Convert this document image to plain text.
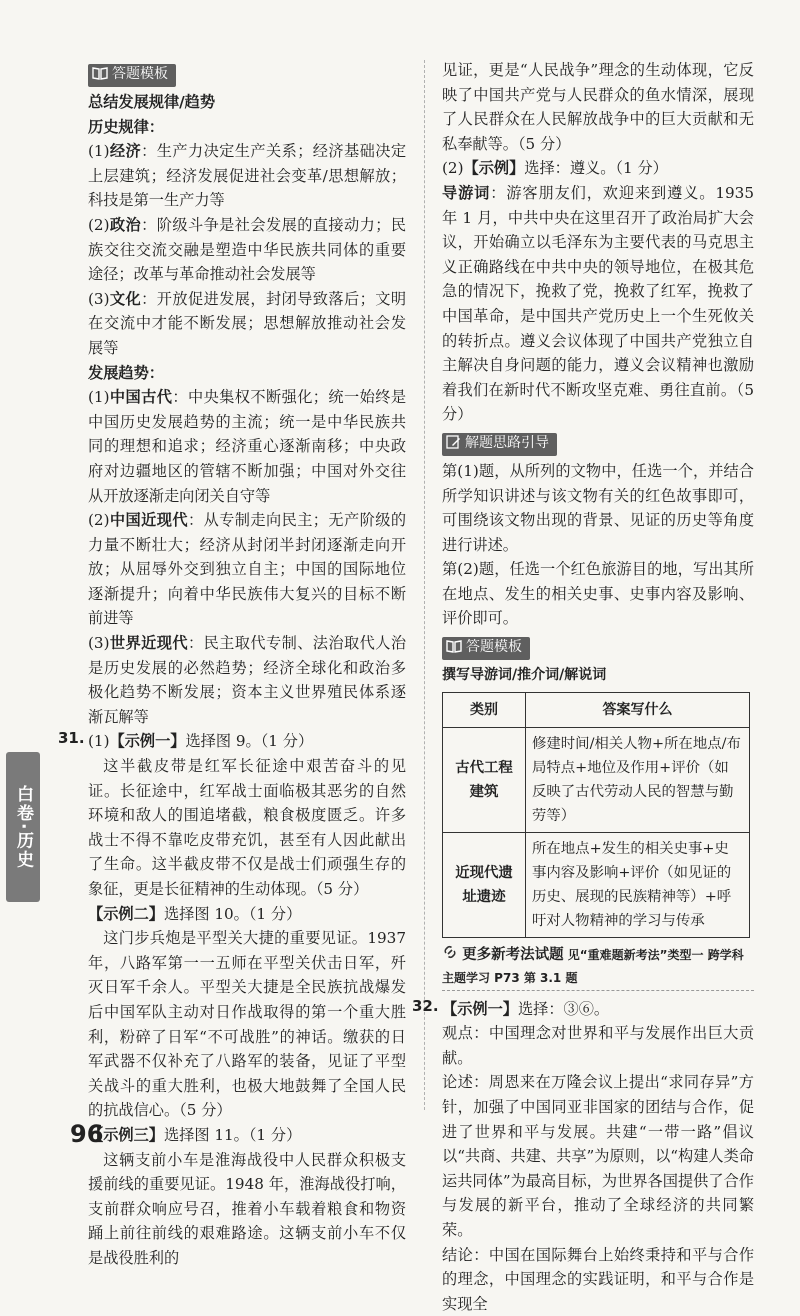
答题模板

总结发展规律/趋势

历史规律：

(1)经济：生产力决定生产关系；经济基础决定上层建筑；经济发展促进社会变革/思想解放；科技是第一生产力等

(2)政治：阶级斗争是社会发展的直接动力；民族交往交流交融是塑造中华民族共同体的重要途径；改革与革命推动社会发展等

(3)文化：开放促进发展，封闭导致落后；文明在交流中才能不断发展；思想解放推动社会发展等

发展趋势：

(1)中国古代：中央集权不断强化；统一始终是中国历史发展趋势的主流；统一是中华民族共同的理想和追求；经济重心逐渐南移；中央政府对边疆地区的管辖不断加强；中国对外交往从开放逐渐走向闭关自守等

(2)中国近现代：从专制走向民主；无产阶级的力量不断壮大；经济从封闭半封闭逐渐走向开放；从屈辱外交到独立自主；中国的国际地位逐渐提升；向着中华民族伟大复兴的目标不断前进等

(3)世界近现代：民主取代专制、法治取代人治是历史发展的必然趋势；经济全球化和政治多极化趋势不断发展；资本主义世界殖民体系逐渐瓦解等

31. (1)【示例一】选择图 9。（1 分）

这半截皮带是红军长征途中艰苦奋斗的见证。长征途中，红军战士面临极其恶劣的自然环境和敌人的围追堵截，粮食极度匮乏。许多战士不得不靠吃皮带充饥，甚至有人因此献出了生命。这半截皮带不仅是战士们顽强生存的象征，更是长征精神的生动体现。（5 分）

【示例二】选择图 10。（1 分）

这门步兵炮是平型关大捷的重要见证。1937 年，八路军第一一五师在平型关伏击日军，歼灭日军千余人。平型关大捷是全民族抗战爆发后中国军队主动对日作战取得的第一个重大胜利，粉碎了日军“不可战胜”的神话。缴获的日军武器不仅补充了八路军的装备，见证了平型关战斗的重大胜利，也极大地鼓舞了全国人民的抗战信心。（5 分）

【示例三】选择图 11。（1 分）

这辆支前小车是淮海战役中人民群众积极支援前线的重要见证。1948 年，淮海战役打响，支前群众响应号召，推着小车载着粮食和物资踊上前往前线的艰难路途。这辆支前小车不仅是战役胜利的

见证，更是“人民战争”理念的生动体现，它反映了中国共产党与人民群众的鱼水情深，展现了人民群众在人民解放战争中的巨大贡献和无私奉献等。（5 分）

(2)【示例】选择：遵义。（1 分）

导游词：游客朋友们，欢迎来到遵义。1935 年 1 月，中共中央在这里召开了政治局扩大会议，开始确立以毛泽东为主要代表的马克思主义正确路线在中共中央的领导地位，在极其危急的情况下，挽救了党，挽救了红军，挽救了中国革命，是中国共产党历史上一个生死攸关的转折点。遵义会议体现了中国共产党独立自主解决自身问题的能力，遵义会议精神也激励着我们在新时代不断攻坚克难、勇往直前。（5 分）

解题思路引导

第(1)题，从所列的文物中，任选一个，并结合所学知识讲述与该文物有关的红色故事即可，可围绕该文物出现的背景、见证的历史等角度进行讲述。

第(2)题，任选一个红色旅游目的地，写出其所在地点、发生的相关史事、史事内容及影响、评价即可。

答题模板

撰写导游词/推介词/解说词

类别	答案写什么
古代工程建筑	修建时间/相关人物+所在地点/布局特点+地位及作用+评价（如反映了古代劳动人民的智慧与勤劳等）
近现代遗址遗迹	所在地点+发生的相关史事+史事内容及影响+评价（如见证的历史、展现的民族精神等）+呼吁对人物精神的学习与传承
更多新考法试题 见“重难题新考法”类型一 跨学科主题学习 P73 第 3.1 题
32. 【示例一】选择：③⑥。

观点：中国理念对世界和平与发展作出巨大贡献。

论述：周恩来在万隆会议上提出“求同存异”方针，加强了中国同亚非国家的团结与合作，促进了世界和平与发展。共建“一带一路”倡议以“共商、共建、共享”为原则，以“构建人类命运共同体”为最高目标，为世界各国提供了合作与发展的新平台，推动了全球经济的共同繁荣。

结论：中国在国际舞台上始终秉持和平与合作的理念，中国理念的实践证明，和平与合作是实现全

白卷·历史
96
